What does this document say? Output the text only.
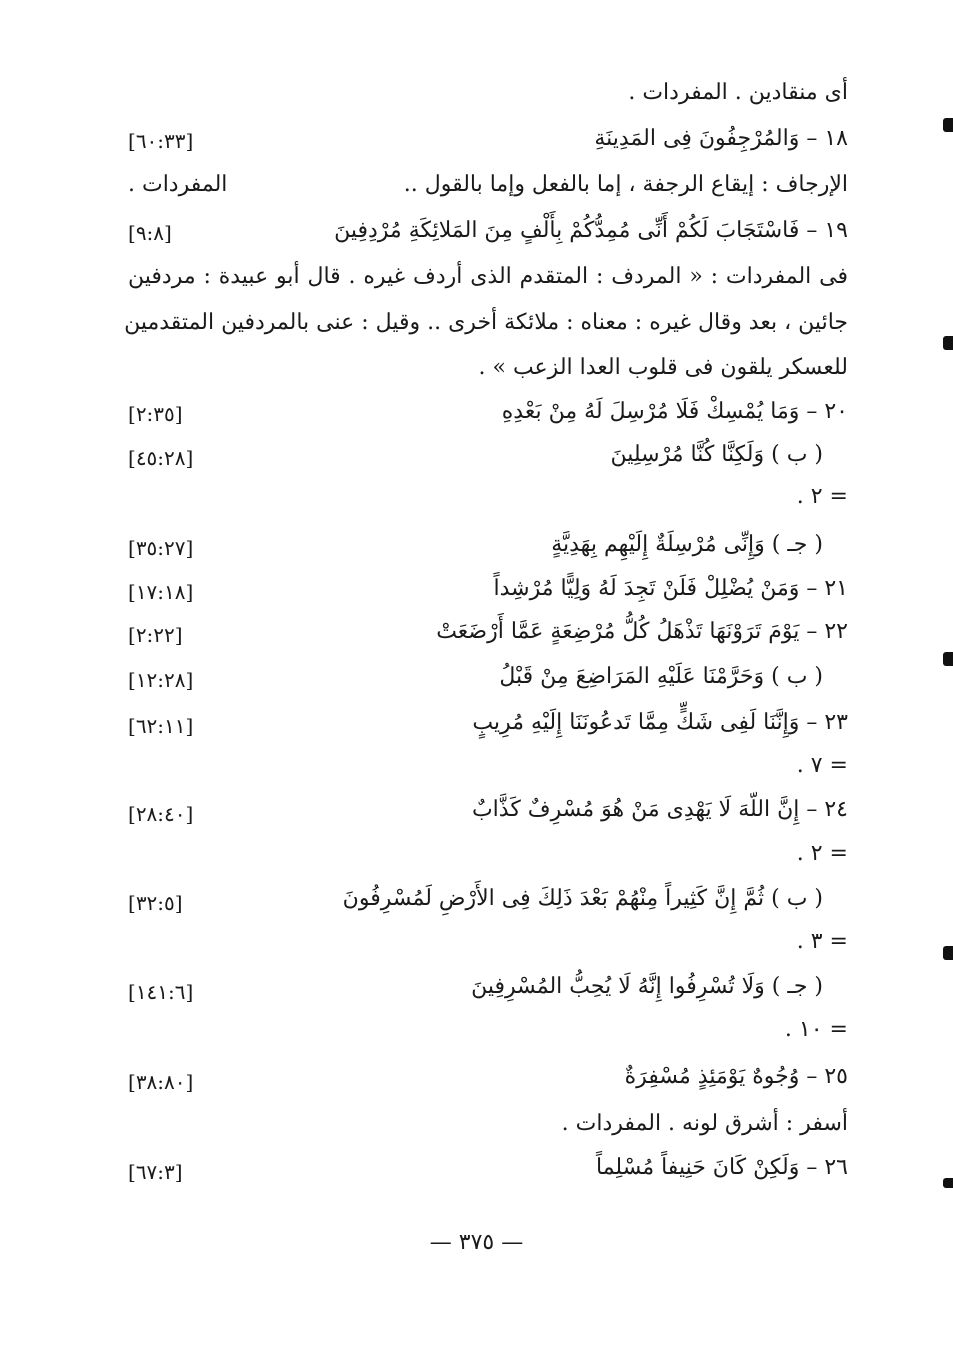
أى منقادين . المفردات .
١٨ – وَالمُرْجِفُونَ فِى المَدِينَةِ
[٦٠:٣٣]
الإرجاف : إيقاع الرجفة ، إما بالفعل وإما بالقول ..
المفردات .
١٩ – فَاسْتَجَابَ لَكُمْ أَنِّى مُمِدُّكُمْ بِأَلْفٍ مِنَ المَلائِكَةِ مُرْدِفِينَ
[٩:٨]
فى المفردات : « المردف : المتقدم الذى أردف غيره . قال أبو عبيدة : مردفين
جائين ، بعد وقال غيره : معناه : ملائكة أخرى .. وقيل : عنى بالمردفين المتقدمين
للعسكر يلقون فى قلوب العدا الزعب » .
٢٠ – وَمَا يُمْسِكْ فَلَا مُرْسِلَ لَهُ مِنْ بَعْدِهِ
[٢:٣٥]
( ب ) وَلَكِنَّا كُنَّا مُرْسِلِينَ
[٤٥:٢٨]
= ٢ .
( جـ ) وَإِنِّى مُرْسِلَةٌ إِلَيْهِم بِهَدِيَّةٍ
[٣٥:٢٧]
٢١ – وَمَنْ يُضْلِلْ فَلَنْ تَجِدَ لَهُ وَلِيًّا مُرْشِداً
[١٧:١٨]
٢٢ – يَوْمَ تَرَوْنَهَا تَذْهَلُ كُلُّ مُرْضِعَةٍ عَمَّا أَرْضَعَتْ
[٢:٢٢]
( ب ) وَحَرَّمْنَا عَلَيْهِ المَرَاضِعَ مِنْ قَبْلُ
[١٢:٢٨]
٢٣ – وَإِنَّنَا لَفِى شَكٍّ مِمَّا تَدعُونَنَا إِلَيْهِ مُرِيبٍ
[٦٢:١١]
= ٧ .
٢٤ – إِنَّ اللّهَ لَا يَهْدِى مَنْ هُوَ مُسْرِفٌ كَذَّابٌ
[٢٨:٤٠]
= ٢ .
( ب ) ثُمَّ إِنَّ كَثِيراً مِنْهُمْ بَعْدَ ذَلِكَ فِى الأَرْضِ لَمُسْرِفُونَ
[٣٢:٥]
= ٣ .
( جـ ) وَلَا تُسْرِفُوا إِنَّهُ لَا يُحِبُّ المُسْرِفِينَ
[١٤١:٦]
= ١٠ .
٢٥ – وُجُوهٌ يَوْمَئِذٍ مُسْفِرَةٌ
[٣٨:٨٠]
أسفر : أشرق لونه . المفردات .
٢٦ – وَلَكِنْ كَانَ حَنِيفاً مُسْلِماً
[٦٧:٣]
— ٣٧٥ —
